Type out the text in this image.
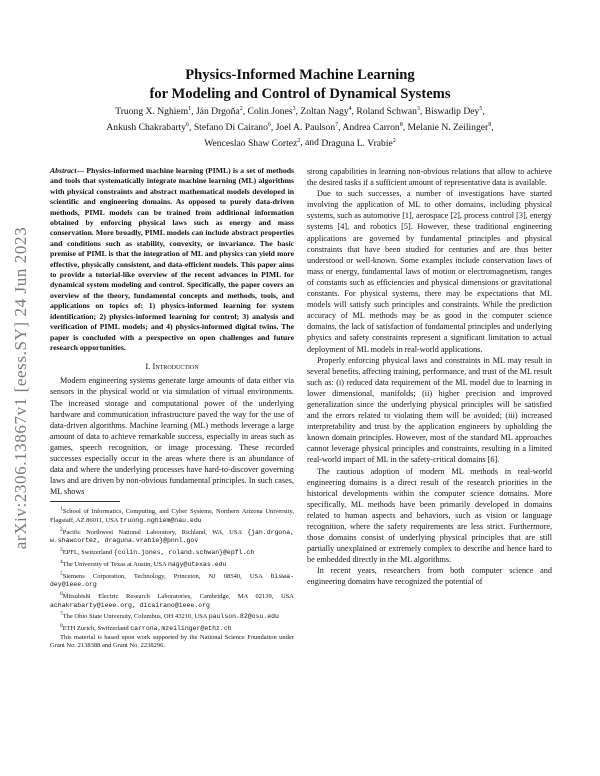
arXiv:2306.13867v1 [eess.SY] 24 Jun 2023
Physics-Informed Machine Learning
for Modeling and Control of Dynamical Systems
Truong X. Nghiem$^1$, Ján Drgoňa$^2$, Colin Jones$^3$, Zoltan Nagy$^4$, Roland Schwan$^3$, Biswadip Dey$^5$,
Ankush Chakrabarty$^6$, Stefano Di Cairano$^6$, Joel A. Paulson$^7$, Andrea Carron$^8$, Melanie N. Zeilinger$^8$,
Wenceslao Shaw Cortez$^2$, and Draguna L. Vrabie$^2$

Abstract— Physics-informed machine learning (PIML) is a set of methods and tools that systematically integrate machine learning (ML) algorithms with physical constraints and abstract mathematical models developed in scientific and engineering domains. As opposed to purely data-driven methods, PIML models can be trained from additional information obtained by enforcing physical laws such as energy and mass conservation. More broadly, PIML models can include abstract properties and conditions such as stability, convexity, or invariance. The basic premise of PIML is that the integration of ML and physics can yield more effective, physically consistent, and data-efficient models. This paper aims to provide a tutorial-like overview of the recent advances in PIML for dynamical system modeling and control. Specifically, the paper covers an overview of the theory, fundamental concepts and methods, tools, and applications on topics of: 1) physics-informed learning for system identification; 2) physics-informed learning for control; 3) analysis and verification of PIML models; and 4) physics-informed digital twins. The paper is concluded with a perspective on open challenges and future research opportunities.

I. Introduction

Modern engineering systems generate large amounts of data either via sensors in the physical world or via simulation of virtual environments. The increased storage and computational power of the underlying hardware and communication infrastructure paved the way for the use of data-driven algorithms. Machine learning (ML) methods leverage a large amount of data to achieve remarkable success, especially in areas such as games, speech recognition, or image processing. These recorded successes especially occur in the areas where there is an abundance of data and where the underlying processes have hard-to-discover governing laws and are driven by non-obvious fundamental principles. In such cases, ML shows

$^1$School of Informatics, Computing, and Cyber Systems, Northern Arizona University, Flagstaff, AZ 86011, USA truong.nghiem@nau.edu

$^2$Pacific Northwest National Laboratory, Richland, WA, USA {jan.drgona, w.shawcortez, draguna.vrabie}@pnnl.gov

$^3$EPFL, Switzerland {colin.jones, roland.schwan}@epfl.ch

$^4$The University of Texas at Austin, USA nagy@utexas.edu

$^5$Siemens Corporation, Technology, Princeton, NJ 08540, USA biswa-dey@ieee.org

$^6$Mitsubishi Electric Research Laboratories, Cambridge, MA 02139, USA achakrabarty@ieee.org, dicairano@ieee.org

$^7$The Ohio State University, Columbus, OH 43210, USA paulson.82@osu.edu

$^8$ETH Zurich, Switzerland carrona,mzeilinger@ethz.ch

This material is based upon work supported by the National Science Foundation under Grant No. 2138388 and Grant No. 2238296.

strong capabilities in learning non-obvious relations that allow to achieve the desired tasks if a sufficient amount of representative data is available.

Due to such successes, a number of investigations have started involving the application of ML to other domains, including physical systems, such as automotive [1], aerospace [2], process control [3], energy systems [4], and robotics [5]. However, these traditional engineering applications are governed by fundamental principles and physical constraints that have been studied for centuries and are thus better understood or well-known. Some examples include conservation laws of mass or energy, fundamental laws of motion or electromagnetism, ranges of constants such as efficiencies and physical dimensions or gravitational constants. For physical systems, there may be expectations that ML models will satisfy such principles and constraints. While the prediction accuracy of ML methods may be as good in the computer science domains, the lack of satisfaction of fundamental principles and underlying physics and safety constraints represent a significant limitation to actual deployment of ML models in real-world applications.

Properly enforcing physical laws and constraints in ML may result in several benefits, affecting training, performance, and trust of the ML result such as: (i) reduced data requirement of the ML model due to learning in lower dimensional, manifolds; (ii) higher precision and improved generalization since the underlying physical principles will be satisfied and the errors related to violating them will be avoided; (iii) increased interpretability and trust by the application engineers by upholding the known domain principles. However, most of the standard ML approaches cannot leverage physical principles and constraints, resulting in a limited real-world impact of ML in the safety-critical domains [6].

The cautious adoption of modern ML methods in real-world engineering domains is a direct result of the research priorities in the historical developments within the computer science domains. More specifically, ML methods have been primarily developed in domains related to human aspects and behaviors, such as vision or language recognition, where the safety requirements are less strict. Furthermore, those domains consist of underlying physical principles that are still partially unexplained or extremely complex to describe and hence hard to be embedded directly in the ML algorithms.

In recent years, researchers from both computer science and engineering domains have recognized the potential of
